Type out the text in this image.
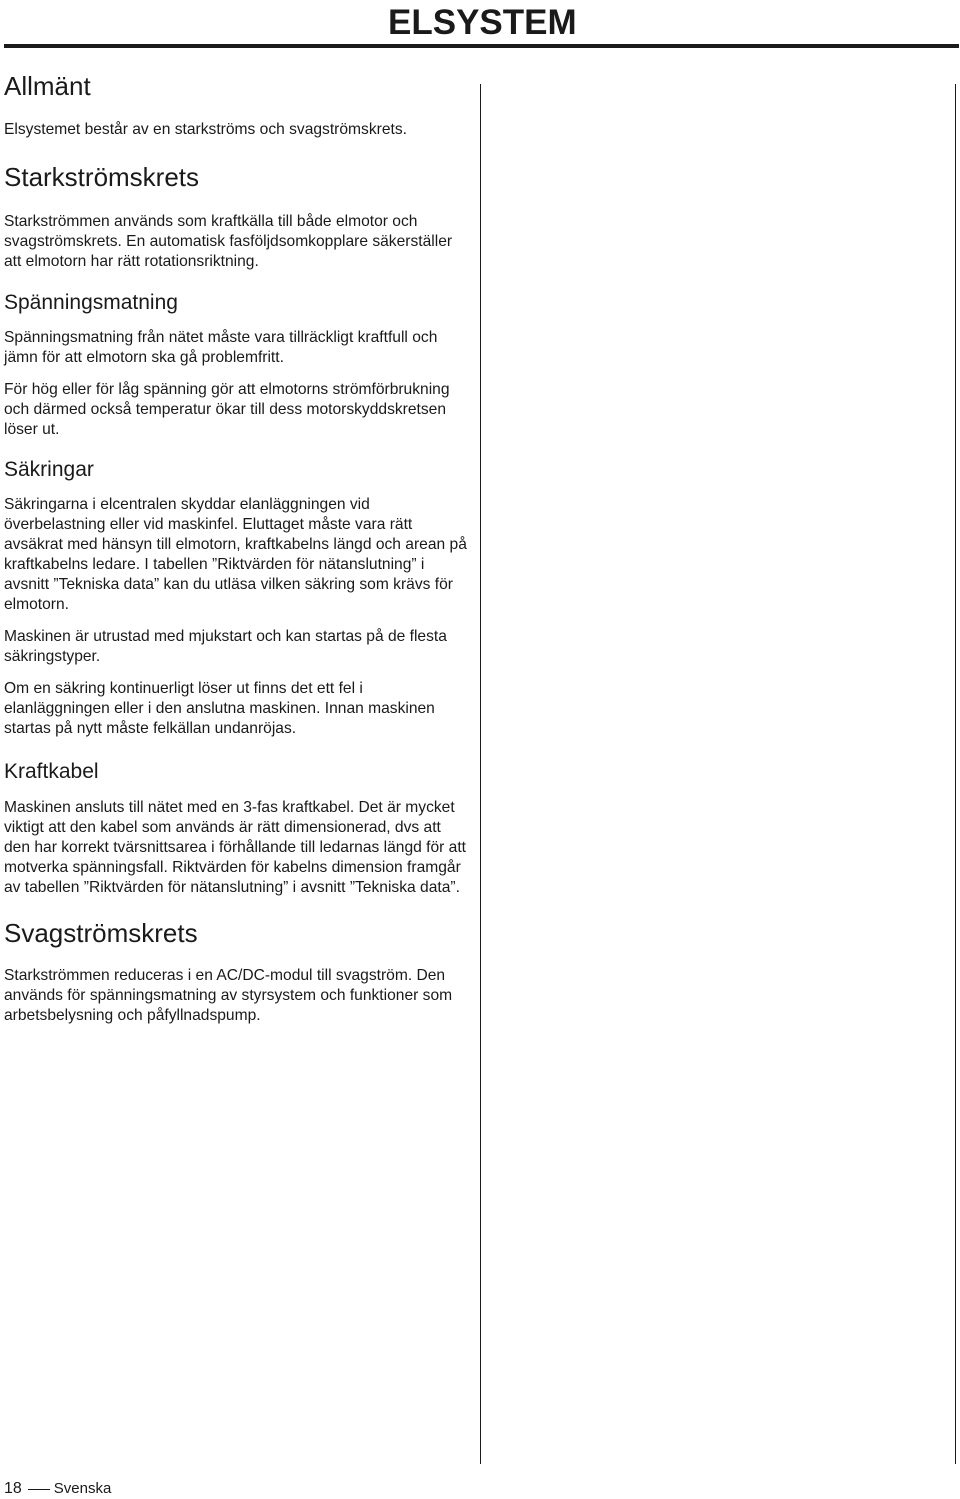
ELSYSTEM
Allmänt

Elsystemet består av en starkströms och svagströmskrets.

Starkströmskrets

Starkströmmen används som kraftkälla till både elmotor och svagströmskrets. En automatisk fasföljdsomkopplare säkerställer att elmotorn har rätt rotationsriktning.

Spänningsmatning

Spänningsmatning från nätet måste vara tillräckligt kraftfull och jämn för att elmotorn ska gå problemfritt.

För hög eller för låg spänning gör att elmotorns strömförbrukning och därmed också temperatur ökar till dess motorskyddskretsen löser ut.

Säkringar

Säkringarna i elcentralen skyddar elanläggningen vid överbelastning eller vid maskinfel. Eluttaget måste vara rätt avsäkrat med hänsyn till elmotorn, kraftkabelns längd och arean på kraftkabelns ledare. I tabellen ”Riktvärden för nätanslutning” i avsnitt ”Tekniska data” kan du utläsa vilken säkring som krävs för elmotorn.

Maskinen är utrustad med mjukstart och kan startas på de flesta säkringstyper.

Om en säkring kontinuerligt löser ut finns det ett fel i elanläggningen eller i den anslutna maskinen. Innan maskinen startas på nytt måste felkällan undanröjas.

Kraftkabel

Maskinen ansluts till nätet med en 3-fas kraftkabel. Det är mycket viktigt att den kabel som används är rätt dimensionerad, dvs att den har korrekt tvärsnittsarea i förhållande till ledarnas längd för att motverka spänningsfall. Riktvärden för kabelns dimension framgår av tabellen ”Riktvärden för nätanslutning” i avsnitt ”Tekniska data”.

Svagströmskrets

Starkströmmen reduceras i en AC/DC-modul till svagström. Den används för spänningsmatning av styrsystem och funktioner som arbetsbelysning och påfyllnadspump.

18 Svenska
